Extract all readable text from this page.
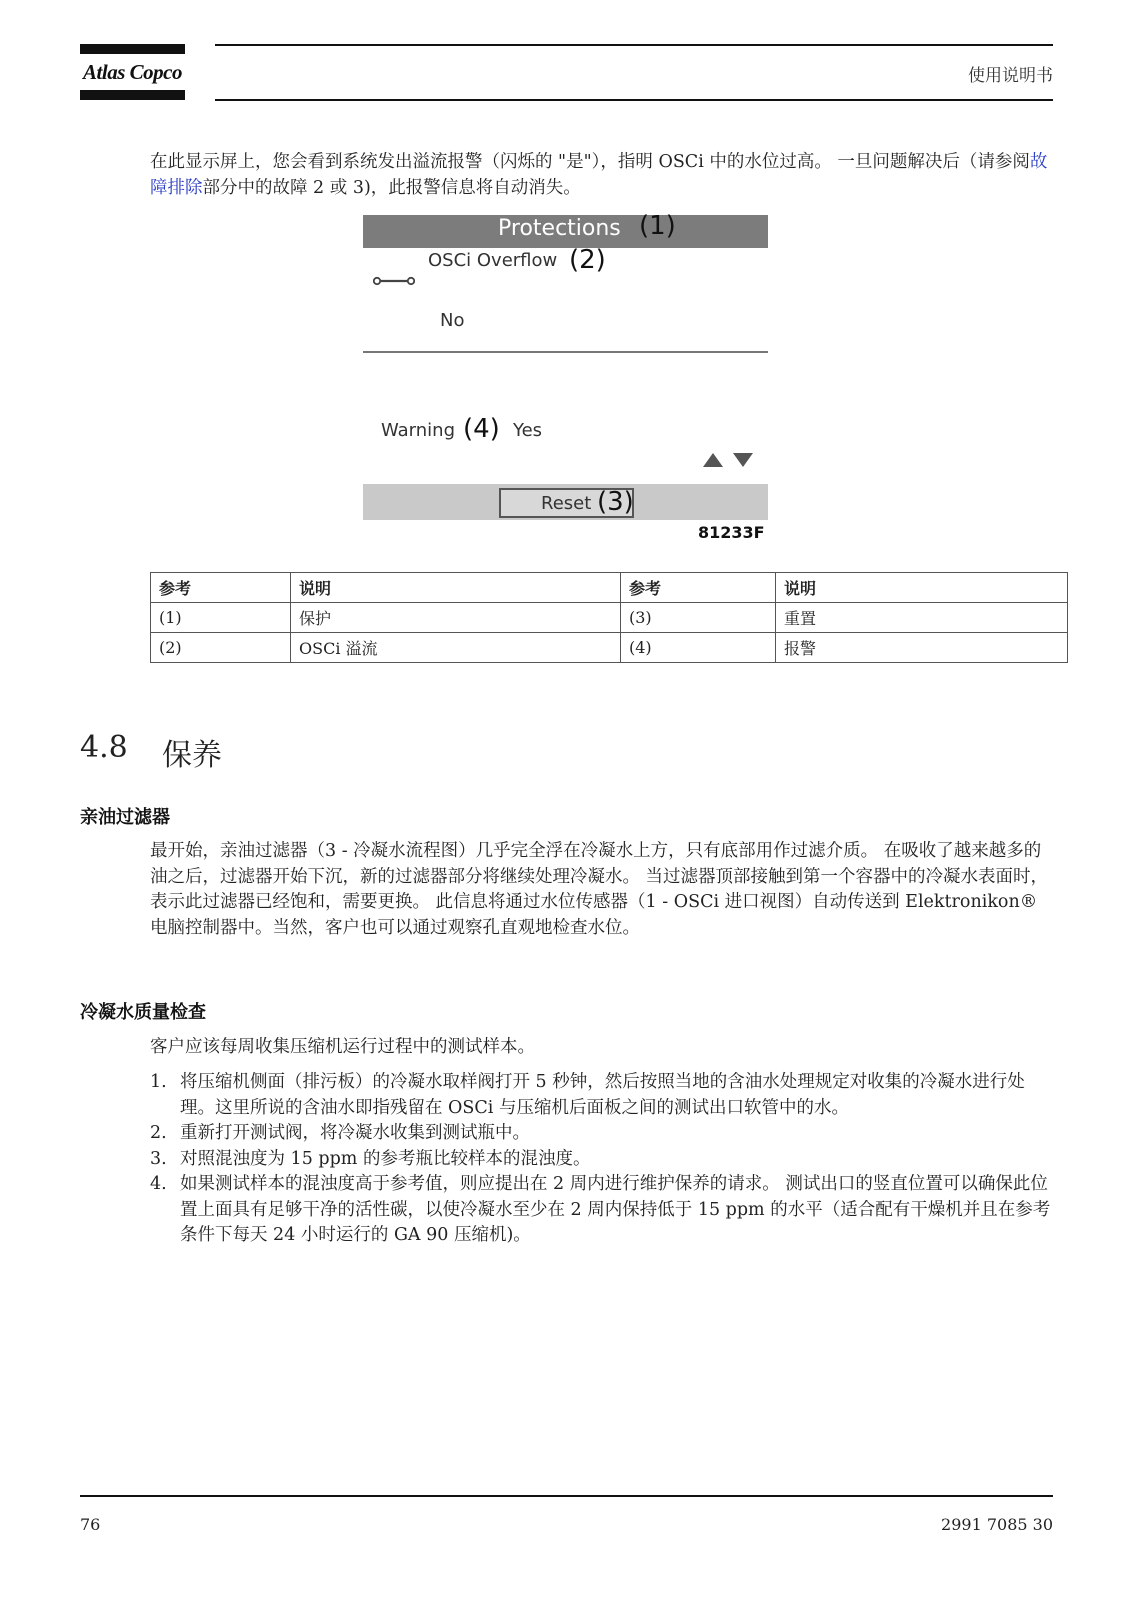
Atlas Copco	使用说明书
在此显示屏上，您会看到系统发出溢流报警（闪烁的 "是"），指明 OSCi 中的水位过高。 一旦问题解决后（请参阅故障排除部分中的故障 2 或 3)，此报警信息将自动消失。
Protections (1)
OSCi Overflow (2)
No
Warning (4) Yes
Reset (3)
81233F
参考	说明	参考	说明
(1)	保护	(3)	重置
(2)	OSCi 溢流	(4)	报警
4.8 保养
亲油过滤器
最开始，亲油过滤器（3 - 冷凝水流程图）几乎完全浮在冷凝水上方，只有底部用作过滤介质。 在吸收了越来越多的油之后，过滤器开始下沉，新的过滤器部分将继续处理冷凝水。 当过滤器顶部接触到第一个容器中的冷凝水表面时，表示此过滤器已经饱和，需要更换。 此信息将通过水位传感器（1 - OSCi 进口视图）自动传送到 Elektronikon® 电脑控制器中。当然，客户也可以通过观察孔直观地检查水位。
冷凝水质量检查
客户应该每周收集压缩机运行过程中的测试样本。
1. 将压缩机侧面（排污板）的冷凝水取样阀打开 5 秒钟，然后按照当地的含油水处理规定对收集的冷凝水进行处理。这里所说的含油水即指残留在 OSCi 与压缩机后面板之间的测试出口软管中的水。
2. 重新打开测试阀，将冷凝水收集到测试瓶中。
3. 对照混浊度为 15 ppm 的参考瓶比较样本的混浊度。
4. 如果测试样本的混浊度高于参考值，则应提出在 2 周内进行维护保养的请求。 测试出口的竖直位置可以确保此位置上面具有足够干净的活性碳，以使冷凝水至少在 2 周内保持低于 15 ppm 的水平（适合配有干燥机并且在参考条件下每天 24 小时运行的 GA 90 压缩机)。
76	2991 7085 30
